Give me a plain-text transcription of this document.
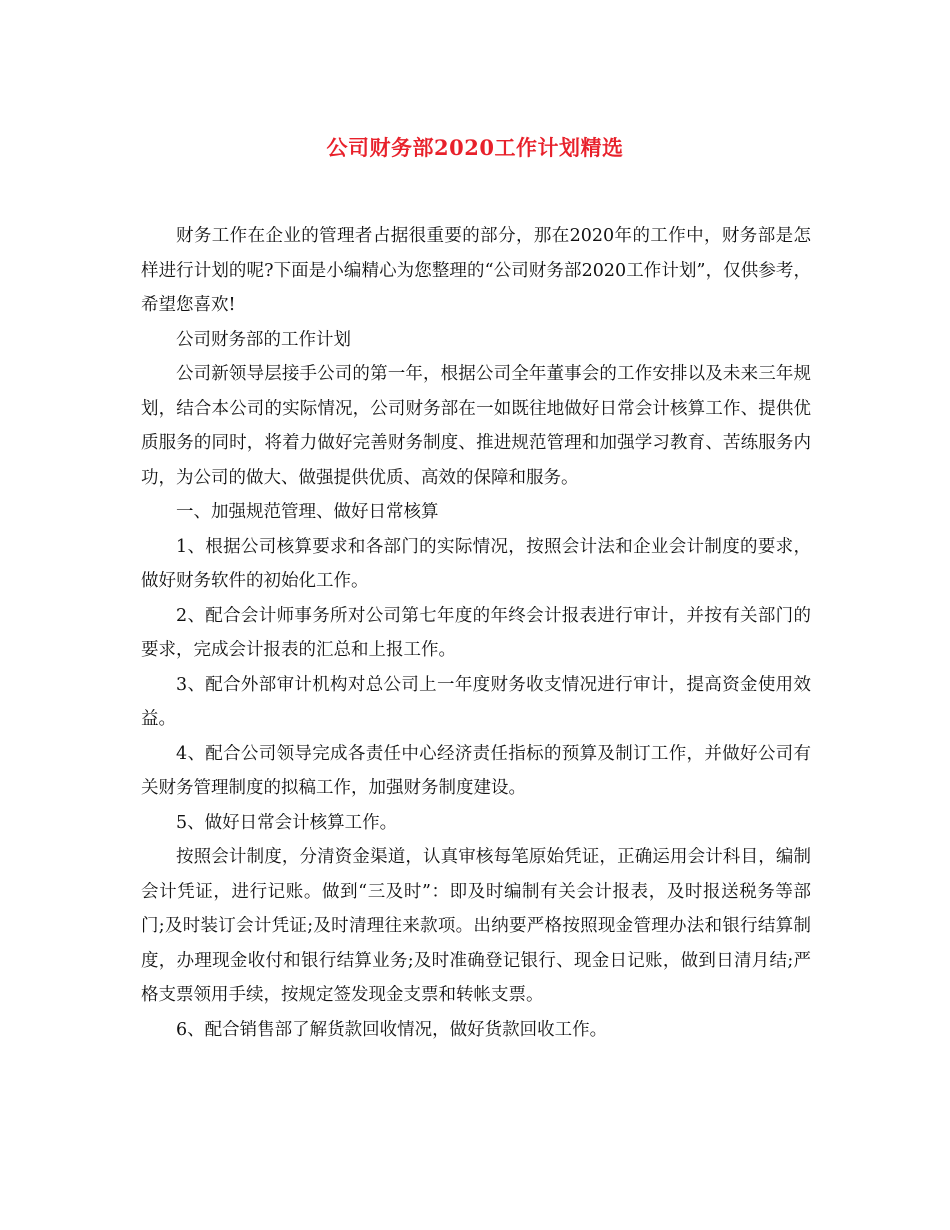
公司财务部2020工作计划精选

财务工作在企业的管理者占据很重要的部分，那在2020年的工作中，财务部是怎样进行计划的呢?下面是小编精心为您整理的“公司财务部2020工作计划”，仅供参考，希望您喜欢!

公司财务部的工作计划

公司新领导层接手公司的第一年，根据公司全年董事会的工作安排以及未来三年规划，结合本公司的实际情况，公司财务部在一如既往地做好日常会计核算工作、提供优质服务的同时，将着力做好完善财务制度、推进规范管理和加强学习教育、苦练服务内功，为公司的做大、做强提供优质、高效的保障和服务。

一、加强规范管理、做好日常核算

1、根据公司核算要求和各部门的实际情况，按照会计法和企业会计制度的要求，做好财务软件的初始化工作。

2、配合会计师事务所对公司第七年度的年终会计报表进行审计，并按有关部门的要求，完成会计报表的汇总和上报工作。

3、配合外部审计机构对总公司上一年度财务收支情况进行审计，提高资金使用效益。

4、配合公司领导完成各责任中心经济责任指标的预算及制订工作，并做好公司有关财务管理制度的拟稿工作，加强财务制度建设。

5、做好日常会计核算工作。

按照会计制度，分清资金渠道，认真审核每笔原始凭证，正确运用会计科目，编制会计凭证，进行记账。做到“三及时”：即及时编制有关会计报表，及时报送税务等部门;及时装订会计凭证;及时清理往来款项。出纳要严格按照现金管理办法和银行结算制度，办理现金收付和银行结算业务;及时准确登记银行、现金日记账，做到日清月结;严格支票领用手续，按规定签发现金支票和转帐支票。

6、配合销售部了解货款回收情况，做好货款回收工作。
